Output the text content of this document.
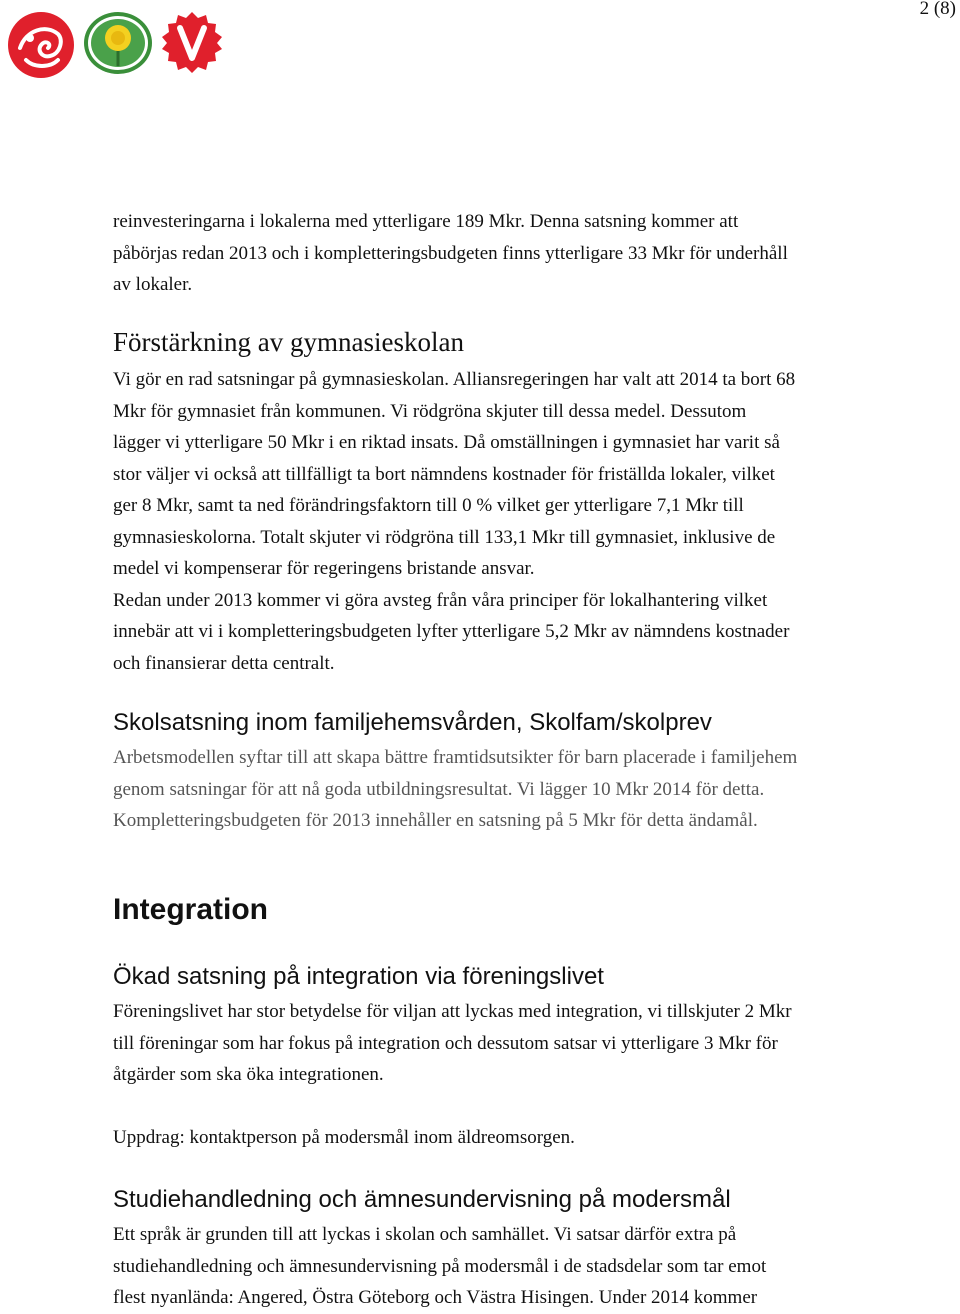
2 (8)
reinvesteringarna i lokalerna med ytterligare 189 Mkr. Denna satsning kommer att
påbörjas redan 2013 och i kompletteringsbudgeten finns ytterligare 33 Mkr för underhåll
av lokaler.
Förstärkning av gymnasieskolan
Vi gör en rad satsningar på gymnasieskolan. Alliansregeringen har valt att 2014 ta bort 68
Mkr för gymnasiet från kommunen. Vi rödgröna skjuter till dessa medel. Dessutom
lägger vi ytterligare 50 Mkr i en riktad insats. Då omställningen i gymnasiet har varit så
stor väljer vi också att tillfälligt ta bort nämndens kostnader för friställda lokaler, vilket
ger 8 Mkr, samt ta ned förändringsfaktorn till 0 % vilket ger ytterligare 7,1 Mkr till
gymnasieskolorna. Totalt skjuter vi rödgröna till 133,1 Mkr till gymnasiet, inklusive de
medel vi kompenserar för regeringens bristande ansvar.
Redan under 2013 kommer vi göra avsteg från våra principer för lokalhantering vilket
innebär att vi i kompletteringsbudgeten lyfter ytterligare 5,2 Mkr av nämndens kostnader
och finansierar detta centralt.
Skolsatsning inom familjehemsvården, Skolfam/skolprev
Arbetsmodellen syftar till att skapa bättre framtidsutsikter för barn placerade i familjehem
genom satsningar för att nå goda utbildningsresultat. Vi lägger 10 Mkr 2014 för detta.
Kompletteringsbudgeten för 2013 innehåller en satsning på 5 Mkr för detta ändamål.
Integration
Ökad satsning på integration via föreningslivet
Föreningslivet har stor betydelse för viljan att lyckas med integration, vi tillskjuter 2 Mkr
till föreningar som har fokus på integration och dessutom satsar vi ytterligare 3 Mkr för
åtgärder som ska öka integrationen.
Uppdrag: kontaktperson på modersmål inom äldreomsorgen.
Studiehandledning och ämnesundervisning på modersmål
Ett språk är grunden till att lyckas i skolan och samhället. Vi satsar därför extra på
studiehandledning och ämnesundervisning på modersmål i de stadsdelar som tar emot
flest nyanlända: Angered, Östra Göteborg och Västra Hisingen. Under 2014 kommer
